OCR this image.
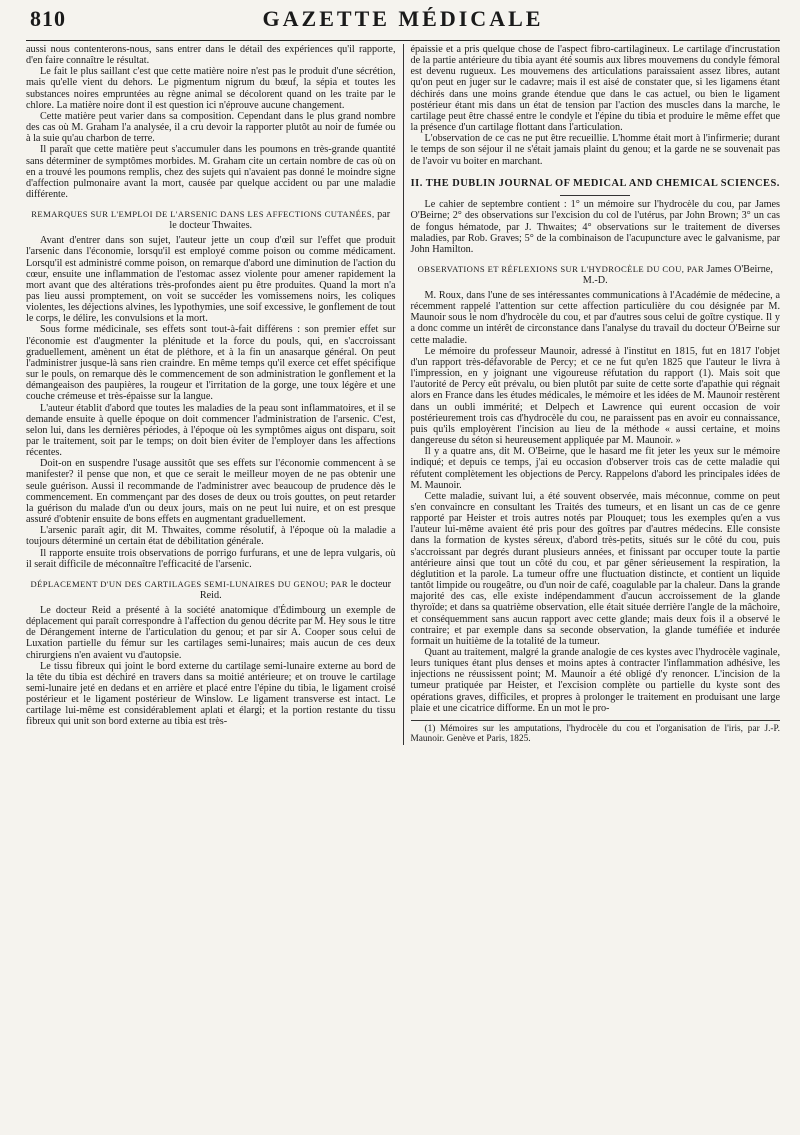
810	GAZETTE MÉDICALE

aussi nous contenterons-nous, sans entrer dans le détail des expériences qu'il rapporte, d'en faire connaître le résultat.

Le fait le plus saillant c'est que cette matière noire n'est pas le produit d'une sécrétion, mais qu'elle vient du dehors. Le pigmentum nigrum du bœuf, la sépia et toutes les substances noires empruntées au règne animal se décolorent quand on les traite par le chlore. La matière noire dont il est question ici n'éprouve aucune changement.

Cette matière peut varier dans sa composition. Cependant dans le plus grand nombre des cas où M. Graham l'a analysée, il a cru devoir la rapporter plutôt au noir de fumée ou à la suie qu'au charbon de terre.

Il paraît que cette matière peut s'accumuler dans les poumons en très-grande quantité sans déterminer de symptômes morbides. M. Graham cite un certain nombre de cas où on en a trouvé les poumons remplis, chez des sujets qui n'avaient pas donné le moindre signe d'affection pulmonaire avant la mort, causée par quelque accident ou par une maladie différente.

REMARQUES SUR L'EMPLOI DE L'ARSENIC DANS LES AFFECTIONS CUTANÉES, par le docteur Thwaites.

Avant d'entrer dans son sujet, l'auteur jette un coup d'œil sur l'effet que produit l'arsenic dans l'économie, lorsqu'il est employé comme poison ou comme médicament. Lorsqu'il est administré comme poison, on remarque d'abord une diminution de l'action du cœur, ensuite une inflammation de l'estomac assez violente pour amener rapidement la mort avant que des altérations très-profondes aient pu être produites. Quand la mort n'a pas lieu aussi promptement, on voit se succéder les vomissemens noirs, les coliques violentes, les déjections alvines, les lypothymies, une soif excessive, le gonflement de tout le corps, le délire, les convulsions et la mort.

Sous forme médicinale, ses effets sont tout-à-fait différens : son premier effet sur l'économie est d'augmenter la plénitude et la force du pouls, qui, en s'accroissant graduellement, amènent un état de pléthore, et à la fin un anasarque général. On peut l'administrer jusque-là sans rien craindre. En même temps qu'il exerce cet effet spécifique sur le pouls, on remarque dès le commencement de son administration le gonflement et la démangeaison des paupières, la rougeur et l'irritation de la gorge, une toux légère et une couche crémeuse et très-épaisse sur la langue.

L'auteur établit d'abord que toutes les maladies de la peau sont inflammatoires, et il se demande ensuite à quelle époque on doit commencer l'administration de l'arsenic. C'est, selon lui, dans les dernières périodes, à l'époque où les symptômes aigus ont disparu, soit par le traitement, soit par le temps; on doit bien éviter de l'employer dans les affections récentes.

Doit-on en suspendre l'usage aussitôt que ses effets sur l'économie commencent à se manifester? il pense que non, et que ce serait le meilleur moyen de ne pas obtenir une seule guérison. Aussi il recommande de l'administrer avec beaucoup de prudence dès le commencement. En commençant par des doses de deux ou trois gouttes, on peut retarder la guérison du malade d'un ou deux jours, mais on ne peut lui nuire, et on est presque assuré d'obtenir ensuite de bons effets en augmentant graduellement.

L'arsenic paraît agir, dit M. Thwaites, comme résolutif, à l'époque où la maladie a toujours déterminé un certain état de débilitation générale.

Il rapporte ensuite trois observations de porrigo furfurans, et une de lepra vulgaris, où il serait difficile de méconnaître l'efficacité de l'arsenic.

DÉPLACEMENT D'UN DES CARTILAGES SEMI-LUNAIRES DU GENOU; PAR le docteur Reid.

Le docteur Reid a présenté à la société anatomique d'Édimbourg un exemple de déplacement qui paraît correspondre à l'affection du genou décrite par M. Hey sous le titre de Dérangement interne de l'articulation du genou; et par sir A. Cooper sous celui de Luxation partielle du fémur sur les cartilages semi-lunaires; mais aucun de ces deux chirurgiens n'en avaient vu d'autopsie.

Le tissu fibreux qui joint le bord externe du cartilage semi-lunaire externe au bord de la tête du tibia est déchiré en travers dans sa moitié antérieure; et on trouve le cartilage semi-lunaire jeté en dedans et en arrière et placé entre l'épine du tibia, le ligament croisé postérieur et le ligament postérieur de Winslow. Le ligament transverse est intact. Le cartilage lui-même est considérablement aplati et élargi; et la portion restante du tissu fibreux qui unit son bord externe au tibia est très-

épaissie et a pris quelque chose de l'aspect fibro-cartilagineux. Le cartilage d'incrustation de la partie antérieure du tibia ayant été soumis aux libres mouvemens du condyle fémoral est devenu rugueux. Les mouvemens des articulations paraissaient assez libres, autant qu'on peut en juger sur le cadavre; mais il est aisé de constater que, si les ligamens étant déchirés dans une moins grande étendue que dans le cas actuel, ou bien le ligament postérieur étant mis dans un état de tension par l'action des muscles dans la marche, le cartilage peut être chassé entre le condyle et l'épine du tibia et produire le même effet que la présence d'un cartilage flottant dans l'articulation.

L'observation de ce cas ne put être recueillie. L'homme était mort à l'infirmerie; durant le temps de son séjour il ne s'était jamais plaint du genou; et la garde ne se souvenait pas de l'avoir vu boiter en marchant.

II. THE DUBLIN JOURNAL OF MEDICAL AND CHEMICAL SCIENCES.

Le cahier de septembre contient : 1° un mémoire sur l'hydrocèle du cou, par James O'Beirne; 2° des observations sur l'excision du col de l'utérus, par John Brown; 3° un cas de fongus hématode, par J. Thwaites; 4° observations sur le traitement de diverses maladies, par Rob. Graves; 5° de la combinaison de l'acupuncture avec le galvanisme, par John Hamilton.

OBSERVATIONS ET RÉFLEXIONS SUR L'HYDROCÈLE DU COU, PAR James O'Beirne, M.-D.

M. Roux, dans l'une de ses intéressantes communications à l'Académie de médecine, a récemment rappelé l'attention sur cette affection particulière du cou désignée par M. Maunoir sous le nom d'hydrocèle du cou, et par d'autres sous celui de goître cystique. Il y a donc comme un intérêt de circonstance dans l'analyse du travail du docteur O'Beirne sur cette maladie.

Le mémoire du professeur Maunoir, adressé à l'institut en 1815, fut en 1817 l'objet d'un rapport très-défavorable de Percy; et ce ne fut qu'en 1825 que l'auteur le livra à l'impression, en y joignant une vigoureuse réfutation du rapport (1). Mais soit que l'autorité de Percy eût prévalu, ou bien plutôt par suite de cette sorte d'apathie qui régnait alors en France dans les études médicales, le mémoire et les idées de M. Maunoir restèrent dans un oubli immérité; et Delpech et Lawrence qui eurent occasion de voir postérieurement trois cas d'hydrocèle du cou, ne paraissent pas en avoir eu connaissance, puis qu'ils employèrent l'incision au lieu de la méthode « aussi certaine, et moins dangereuse du séton si heureusement appliquée par M. Maunoir. »

Il y a quatre ans, dit M. O'Beirne, que le hasard me fit jeter les yeux sur le mémoire indiqué; et depuis ce temps, j'ai eu occasion d'observer trois cas de cette maladie qui réfutent complètement les objections de Percy. Rappelons d'abord les principales idées de M. Maunoir.

Cette maladie, suivant lui, a été souvent observée, mais méconnue, comme on peut s'en convaincre en consultant les Traités des tumeurs, et en lisant un cas de ce genre rapporté par Heister et trois autres notés par Plouquet; tous les exemples qu'en a vus l'auteur lui-même avaient été pris pour des goîtres par d'autres médecins. Elle consiste dans la formation de kystes séreux, d'abord très-petits, situés sur le côté du cou, puis s'accroissant par degrés durant plusieurs années, et finissant par occuper toute la partie antérieure ainsi que tout un côté du cou, et par gêner sérieusement la respiration, la déglutition et la parole. La tumeur offre une fluctuation distincte, et contient un liquide tantôt limpide ou rougeâtre, ou d'un noir de café, coagulable par la chaleur. Dans la grande majorité des cas, elle existe indépendamment d'aucun accroissement de la glande thyroïde; et dans sa quatrième observation, elle était située derrière l'angle de la mâchoire, et conséquemment sans aucun rapport avec cette glande; mais deux fois il a observé le contraire; et par exemple dans sa seconde observation, la glande tuméfiée et indurée formait un huitième de la totalité de la tumeur.

Quant au traitement, malgré la grande analogie de ces kystes avec l'hydrocèle vaginale, leurs tuniques étant plus denses et moins aptes à contracter l'inflammation adhésive, les injections ne réussissent point; M. Maunoir a été obligé d'y renoncer. L'incision de la tumeur pratiquée par Heister, et l'excision complète ou partielle du kyste sont des opérations graves, difficiles, et propres à prolonger le traitement en produisant une large plaie et une cicatrice difforme. En un mot le pro-

(1) Mémoires sur les amputations, l'hydrocèle du cou et l'organisation de l'iris, par J.-P. Maunoir. Genève et Paris, 1825.
